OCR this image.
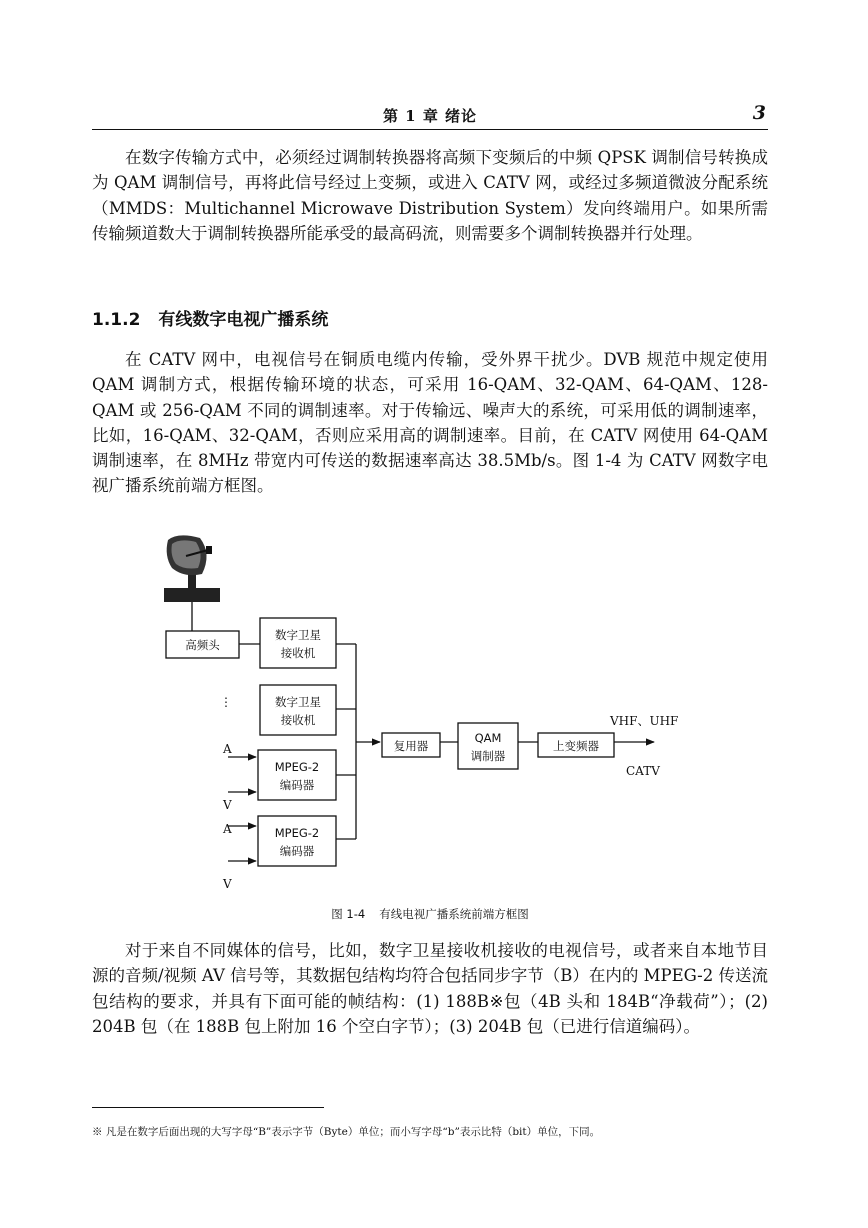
第 1 章 绪论	3

在数字传输方式中，必须经过调制转换器将高频下变频后的中频 QPSK 调制信号转换成为 QAM 调制信号，再将此信号经过上变频，或进入 CATV 网，或经过多频道微波分配系统（MMDS：Multichannel Microwave Distribution System）发向终端用户。如果所需传输频道数大于调制转换器所能承受的最高码流，则需要多个调制转换器并行处理。

1.1.2 有线数字电视广播系统

在 CATV 网中，电视信号在铜质电缆内传输，受外界干扰少。DVB 规范中规定使用 QAM 调制方式，根据传输环境的状态，可采用 16-QAM、32-QAM、64-QAM、128-QAM 或 256-QAM 不同的调制速率。对于传输远、噪声大的系统，可采用低的调制速率，比如，16-QAM、32-QAM，否则应采用高的调制速率。目前，在 CATV 网使用 64-QAM 调制速率，在 8MHz 带宽内可传送的数据速率高达 38.5Mb/s。图 1-4 为 CATV 网数字电视广播系统前端方框图。

高频头
数字卫星
接收机
⋮	数字卫星
接收机
MPEG-2
编码器
MPEG-2
编码器
A
V
A
V
复用器
QAM
调制器
上变频器
VHF、UHF
CATV
图 1-4 有线电视广播系统前端方框图

对于来自不同媒体的信号，比如，数字卫星接收机接收的电视信号，或者来自本地节目源的音频/视频 AV 信号等，其数据包结构均符合包括同步字节（B）在内的 MPEG-2 传送流包结构的要求，并具有下面可能的帧结构：(1) 188B※包（4B 头和 184B“净载荷”）；(2) 204B 包（在 188B 包上附加 16 个空白字节）；(3) 204B 包（已进行信道编码）。

※ 凡是在数字后面出现的大写字母“B”表示字节（Byte）单位；而小写字母“b”表示比特（bit）单位，下同。
